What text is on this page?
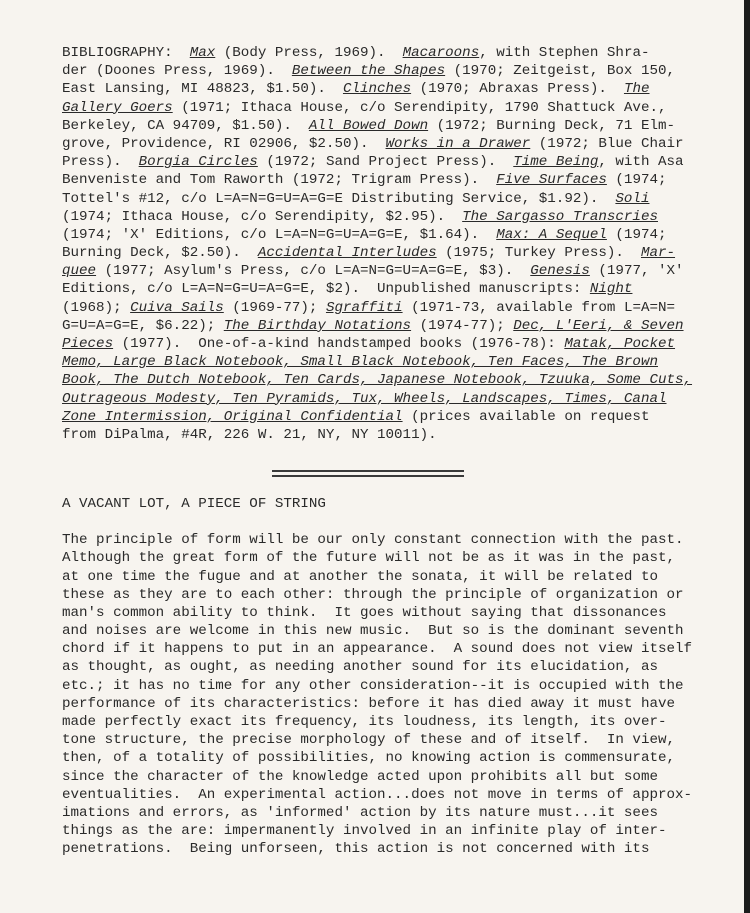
BIBLIOGRAPHY:  Max (Body Press, 1969).  Macaroons, with Stephen Shra-
der (Doones Press, 1969).  Between the Shapes (1970; Zeitgeist, Box 150,
East Lansing, MI 48823, $1.50).  Clinches (1970; Abraxas Press).  The
Gallery Goers (1971; Ithaca House, c/o Serendipity, 1790 Shattuck Ave.,
Berkeley, CA 94709, $1.50).  All Bowed Down (1972; Burning Deck, 71 Elm-
grove, Providence, RI 02906, $2.50).  Works in a Drawer (1972; Blue Chair
Press).  Borgia Circles (1972; Sand Project Press).  Time Being, with Asa
Benveniste and Tom Raworth (1972; Trigram Press).  Five Surfaces (1974;
Tottel's #12, c/o L=A=N=G=U=A=G=E Distributing Service, $1.92).  Soli
(1974; Ithaca House, c/o Serendipity, $2.95).  The Sargasso Transcries
(1974; 'X' Editions, c/o L=A=N=G=U=A=G=E, $1.64).  Max: A Sequel (1974;
Burning Deck, $2.50).  Accidental Interludes (1975; Turkey Press).  Mar-
quee (1977; Asylum's Press, c/o L=A=N=G=U=A=G=E, $3).  Genesis (1977, 'X'
Editions, c/o L=A=N=G=U=A=G=E, $2).  Unpublished manuscripts: Night
(1968); Cuiva Sails (1969-77); Sgraffiti (1971-73, available from L=A=N=
G=U=A=G=E, $6.22); The Birthday Notations (1974-77); Dec, L'Eeri, & Seven
Pieces (1977).  One-of-a-kind handstamped books (1976-78): Matak, Pocket
Memo, Large Black Notebook, Small Black Notebook, Ten Faces, The Brown
Book, The Dutch Notebook, Ten Cards, Japanese Notebook, Tzuuka, Some Cuts,
Outrageous Modesty, Ten Pyramids, Tux, Wheels, Landscapes, Times, Canal
Zone Intermission, Original Confidential (prices available on request
from DiPalma, #4R, 226 W. 21, NY, NY 10011).
A VACANT LOT, A PIECE OF STRING
The principle of form will be our only constant connection with the past.
Although the great form of the future will not be as it was in the past,
at one time the fugue and at another the sonata, it will be related to
these as they are to each other: through the principle of organization or
man's common ability to think.  It goes without saying that dissonances
and noises are welcome in this new music.  But so is the dominant seventh
chord if it happens to put in an appearance.  A sound does not view itself
as thought, as ought, as needing another sound for its elucidation, as
etc.; it has no time for any other consideration--it is occupied with the
performance of its characteristics: before it has died away it must have
made perfectly exact its frequency, its loudness, its length, its over-
tone structure, the precise morphology of these and of itself.  In view,
then, of a totality of possibilities, no knowing action is commensurate,
since the character of the knowledge acted upon prohibits all but some
eventualities.  An experimental action...does not move in terms of approx-
imations and errors, as 'informed' action by its nature must...it sees
things as the are: impermanently involved in an infinite play of inter-
penetrations.  Being unforseen, this action is not concerned with its
